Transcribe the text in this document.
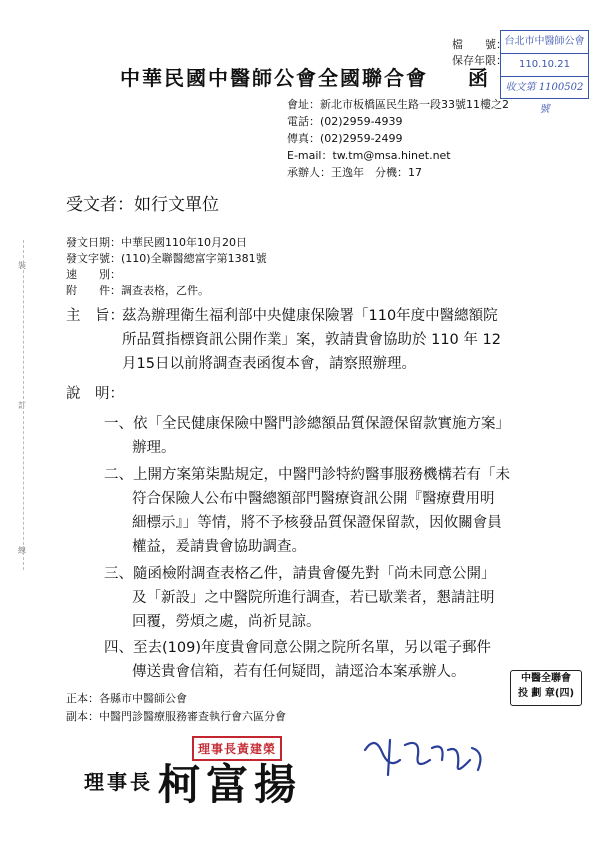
裝
訂
線
檔　　號：
保存年限：
台北市中醫師公會
110.10.21
收文第 1100502號
中華民國中醫師公會全國聯合會 函
會址：新北市板橋區民生路一段33號11樓之2
電話：(02)2959-4939
傳真：(02)2959-2499
E-mail：tw.tm@msa.hinet.net
承辦人：王逸年　分機：17
受文者：如行文單位
發文日期：中華民國110年10月20日
發文字號：(110)全聯醫總富字第1381號
速　　別：
附　　件：調查表格，乙件。
主　旨：
茲為辦理衛生福利部中央健康保險署「110年度中醫總額院
所品質指標資訊公開作業」案，敦請貴會協助於 110 年 12
月15日以前將調查表函復本會，請察照辦理。
說　明：
一、依「全民健康保險中醫門診總額品質保證保留款實施方案」
辦理。
二、上開方案第柒點規定，中醫門診特約醫事服務機構若有「未
符合保險人公布中醫總額部門醫療資訊公開『醫療費用明
細標示』」等情，將不予核發品質保證保留款，因攸關會員
權益，爰請貴會協助調查。
三、隨函檢附調查表格乙件，請貴會優先對「尚未同意公開」
及「新設」之中醫院所進行調查，若已歇業者，懇請註明
回覆，勞煩之處，尚祈見諒。
四、至去(109)年度貴會同意公開之院所名單，另以電子郵件
傳送貴會信箱，若有任何疑問，請逕洽本案承辦人。	中醫全聯會
投 劃 章(四)
正本：各縣市中醫師公會
副本：中醫門診醫療服務審查執行會六區分會
理事長黃建榮
理事長 柯富揚
